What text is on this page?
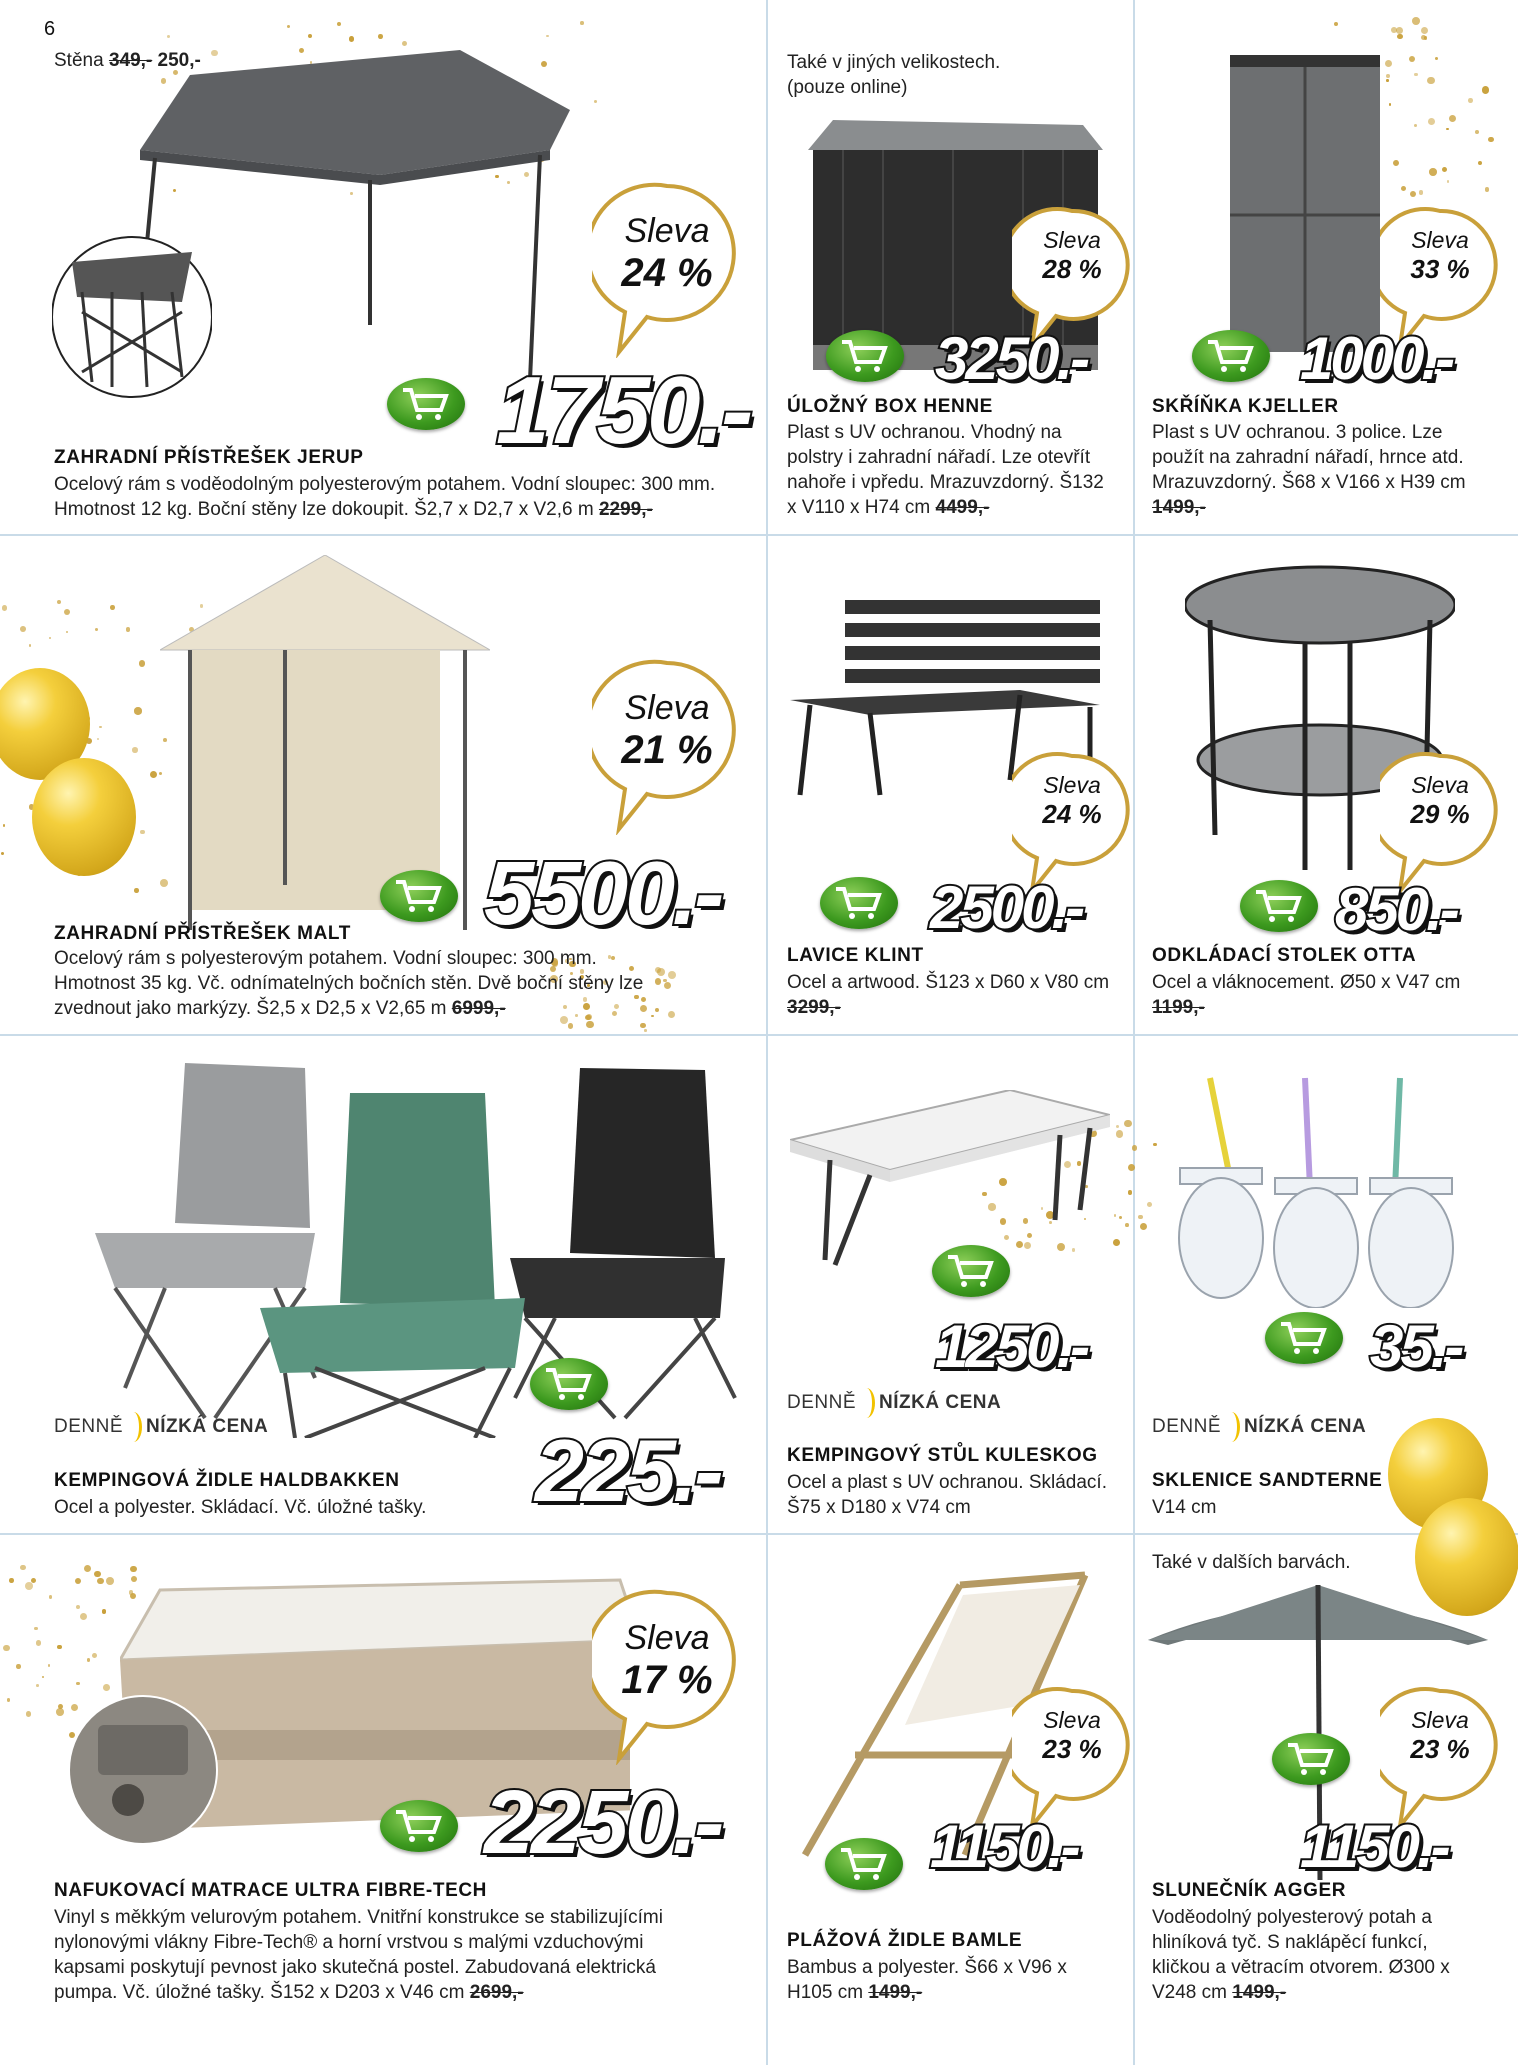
6
Stěna 349,- 250,-
Sleva
24 %
1750.-
ZAHRADNÍ PŘÍSTŘEŠEK JERUP
Ocelový rám s voděodolným polyesterovým potahem. Vodní sloupec: 300 mm. Hmotnost 12 kg. Boční stěny lze dokoupit. Š2,7 x D2,7 x V2,6 m 2299,-
Také v jiných velikostech. (pouze online)
Sleva
28 %
3250.-
ÚLOŽNÝ BOX HENNE
Plast s UV ochranou. Vhodný na polstry i zahradní nářadí. Lze otevřít nahoře i vpředu. Mrazuvzdorný. Š132 x V110 x H74 cm 4499,-
Sleva
33 %
1000.-
SKŘÍŇKA KJELLER
Plast s UV ochranou. 3 police. Lze použít na zahradní nářadí, hrnce atd. Mrazuvzdorný. Š68 x V166 x H39 cm 1499,-
Sleva
21 %
5500.-
ZAHRADNÍ PŘÍSTŘEŠEK MALT
Ocelový rám s polyesterovým potahem. Vodní sloupec: 300 mm. Hmotnost 35 kg. Vč. odnímatelných bočních stěn. Dvě boční stěny lze zvednout jako markýzy. Š2,5 x D2,5 x V2,65 m 6999,-
Sleva
24 %
2500.-
LAVICE KLINT
Ocel a artwood. Š123 x D60 x V80 cm 3299,-
Sleva
29 %
850.-
ODKLÁDACÍ STOLEK OTTA
Ocel a vláknocement. Ø50 x V47 cm 1199,-
DENNĚ NÍZKÁ CENA	225.-
KEMPINGOVÁ ŽIDLE HALDBAKKEN
Ocel a polyester. Skládací. Vč. úložné tašky.
1250.-
DENNĚ NÍZKÁ CENA
KEMPINGOVÝ STŮL KULESKOG
Ocel a plast s UV ochranou. Skládací. Š75 x D180 x V74 cm
35.-
DENNĚ NÍZKÁ CENA
SKLENICE SANDTERNE
V14 cm
Sleva
17 %
2250.-
NAFUKOVACÍ MATRACE ULTRA FIBRE-TECH
Vinyl s měkkým velurovým potahem. Vnitřní konstrukce se stabilizujícími nylonovými vlákny Fibre-Tech® a horní vrstvou s malými vzduchovými kapsami poskytují pevnost jako skutečná postel. Zabudovaná elektrická pumpa. Vč. úložné tašky. Š152 x D203 x V46 cm 2699,-
Sleva
23 %
1150.-
PLÁŽOVÁ ŽIDLE BAMLE
Bambus a polyester. Š66 x V96 x H105 cm 1499,-
Také v dalších barvách.
Sleva
23 %
1150.-
SLUNEČNÍK AGGER
Voděodolný polyesterový potah a hliníková tyč. S naklápěcí funkcí, kličkou a větracím otvorem. Ø300 x V248 cm 1499,-
